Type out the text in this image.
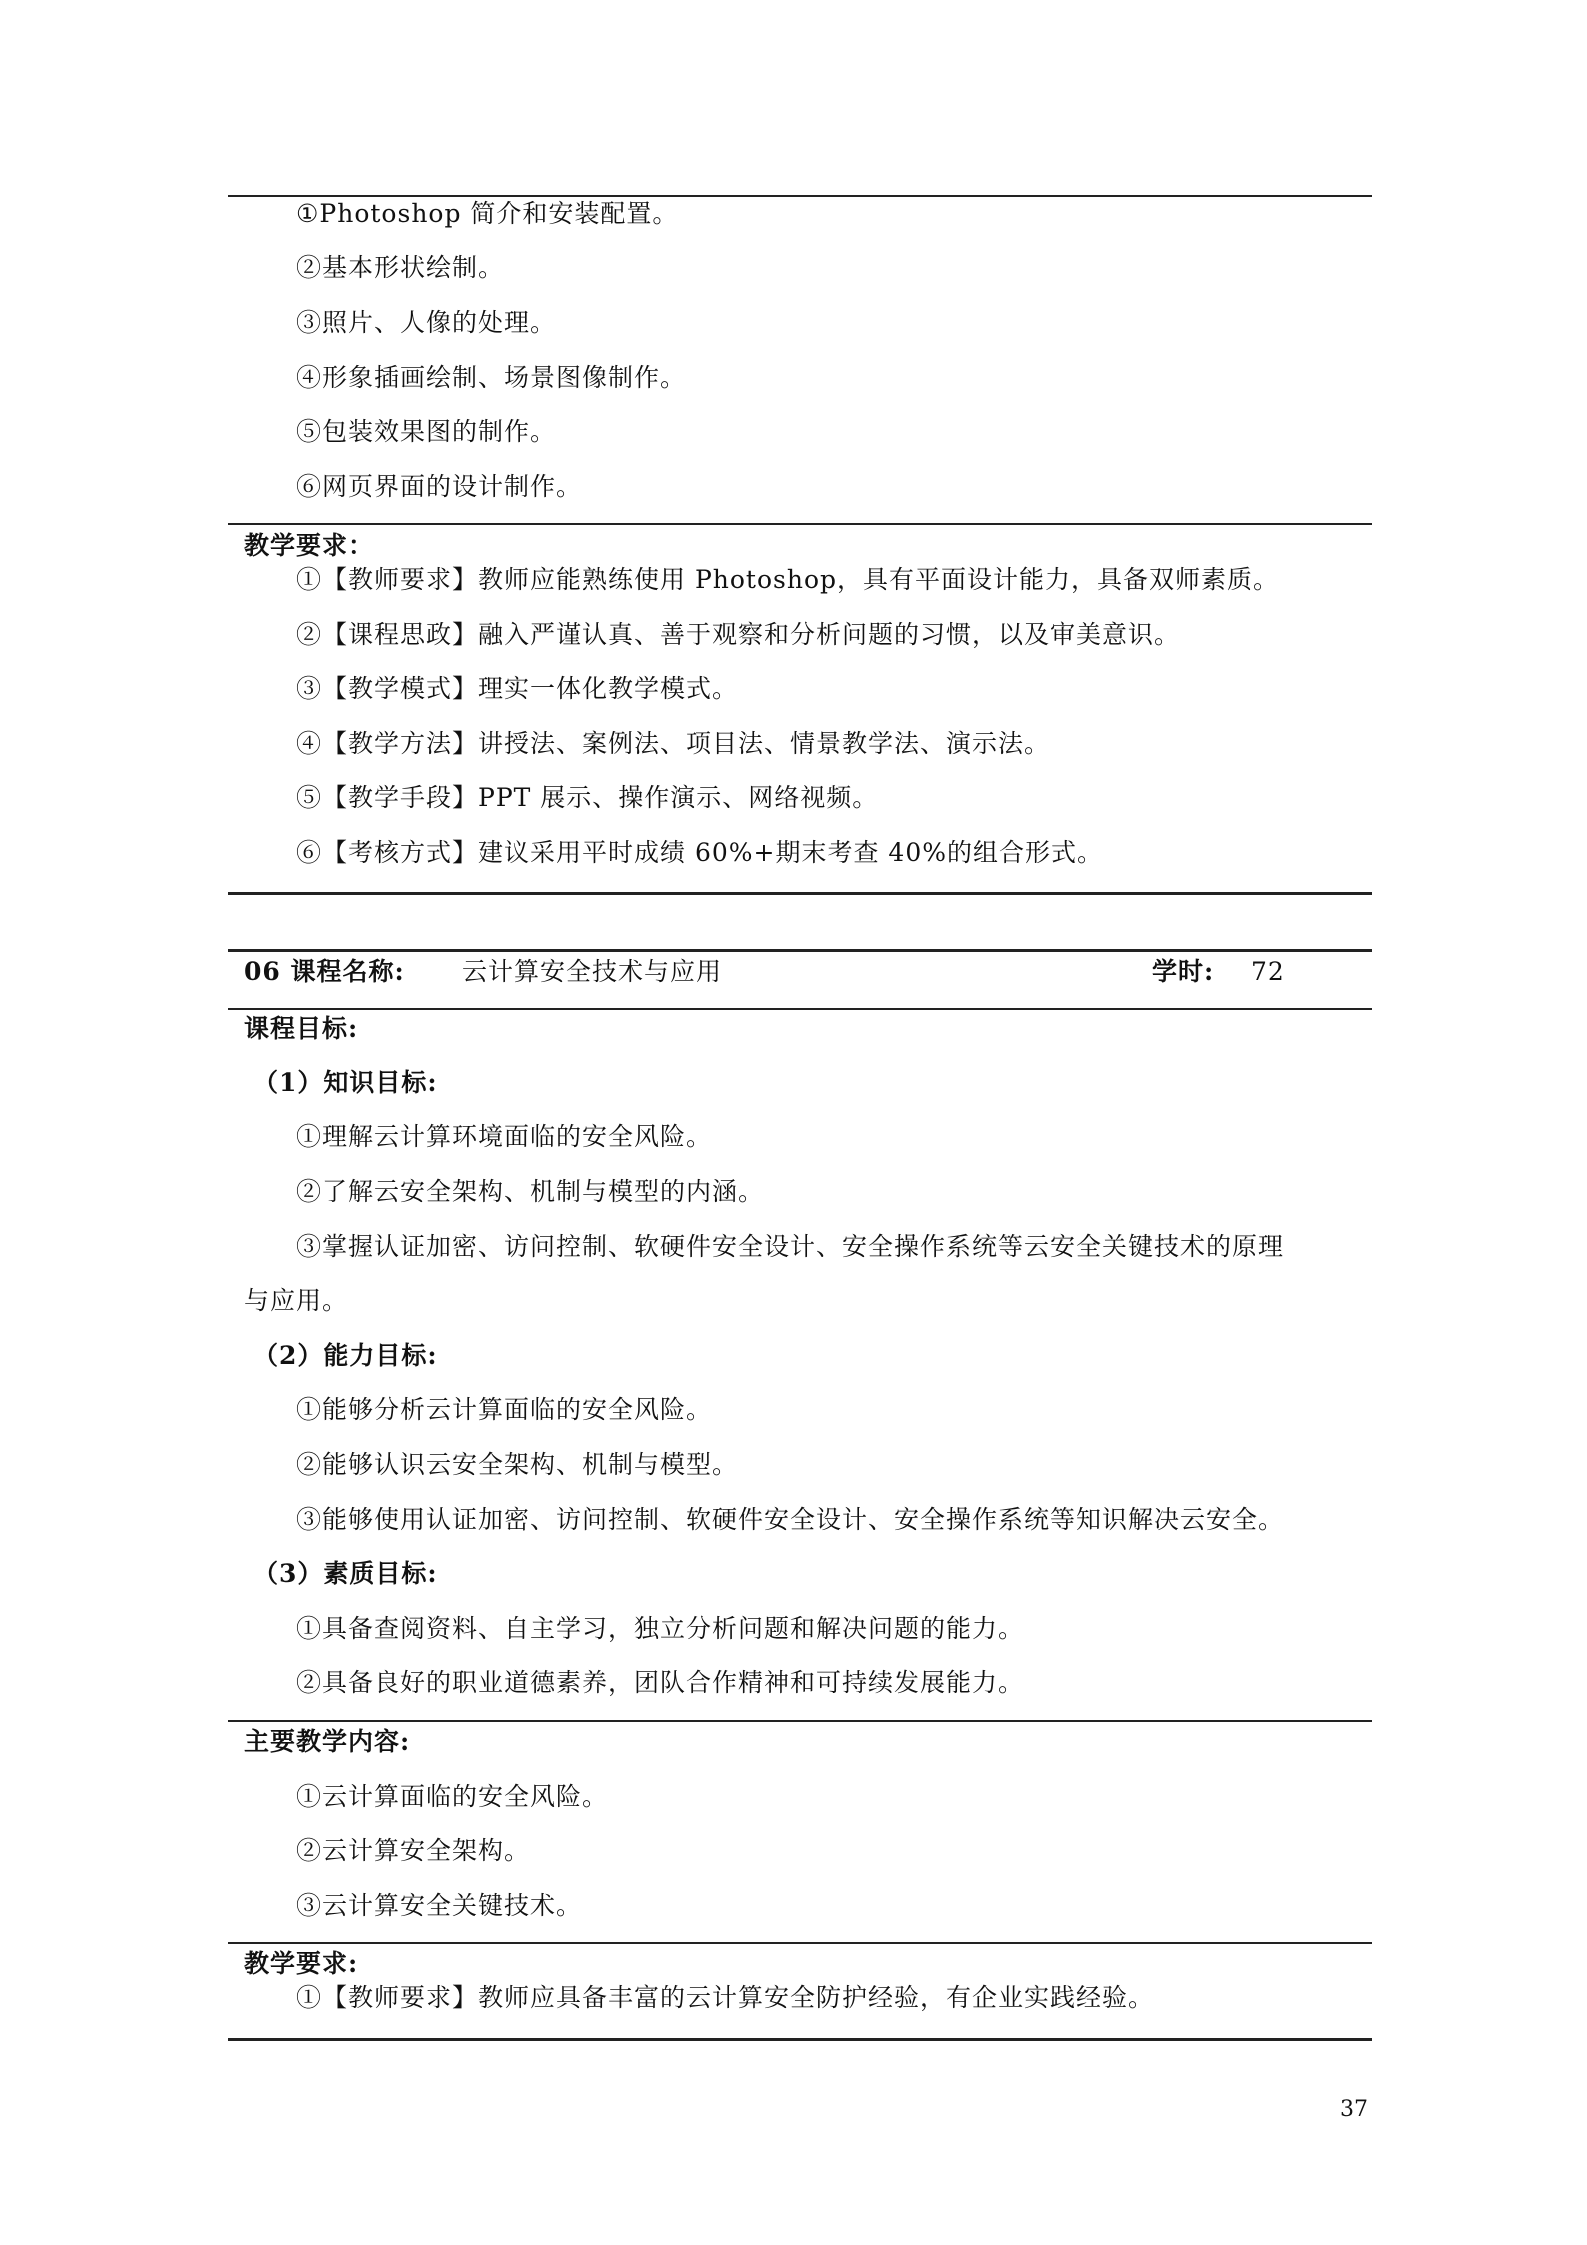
①Photoshop 简介和安装配置。
②基本形状绘制。
③照片、人像的处理。
④形象插画绘制、场景图像制作。
⑤包装效果图的制作。
⑥网页界面的设计制作。
教学要求：
①【教师要求】教师应能熟练使用 Photoshop，具有平面设计能力，具备双师素质。
②【课程思政】融入严谨认真、善于观察和分析问题的习惯，以及审美意识。
③【教学模式】理实一体化教学模式。
④【教学方法】讲授法、案例法、项目法、情景教学法、演示法。
⑤【教学手段】PPT 展示、操作演示、网络视频。
⑥【考核方式】建议采用平时成绩 60%+期末考查 40%的组合形式。
06 课程名称: 云计算安全技术与应用	学时: 72
课程目标:
（1）知识目标:
①理解云计算环境面临的安全风险。
②了解云安全架构、机制与模型的内涵。
③掌握认证加密、访问控制、软硬件安全设计、安全操作系统等云安全关键技术的原理
与应用。
（2）能力目标:
①能够分析云计算面临的安全风险。
②能够认识云安全架构、机制与模型。
③能够使用认证加密、访问控制、软硬件安全设计、安全操作系统等知识解决云安全。
（3）素质目标:
①具备查阅资料、自主学习，独立分析问题和解决问题的能力。
②具备良好的职业道德素养，团队合作精神和可持续发展能力。
主要教学内容:
①云计算面临的安全风险。
②云计算安全架构。
③云计算安全关键技术。
教学要求:
①【教师要求】教师应具备丰富的云计算安全防护经验，有企业实践经验。
37
